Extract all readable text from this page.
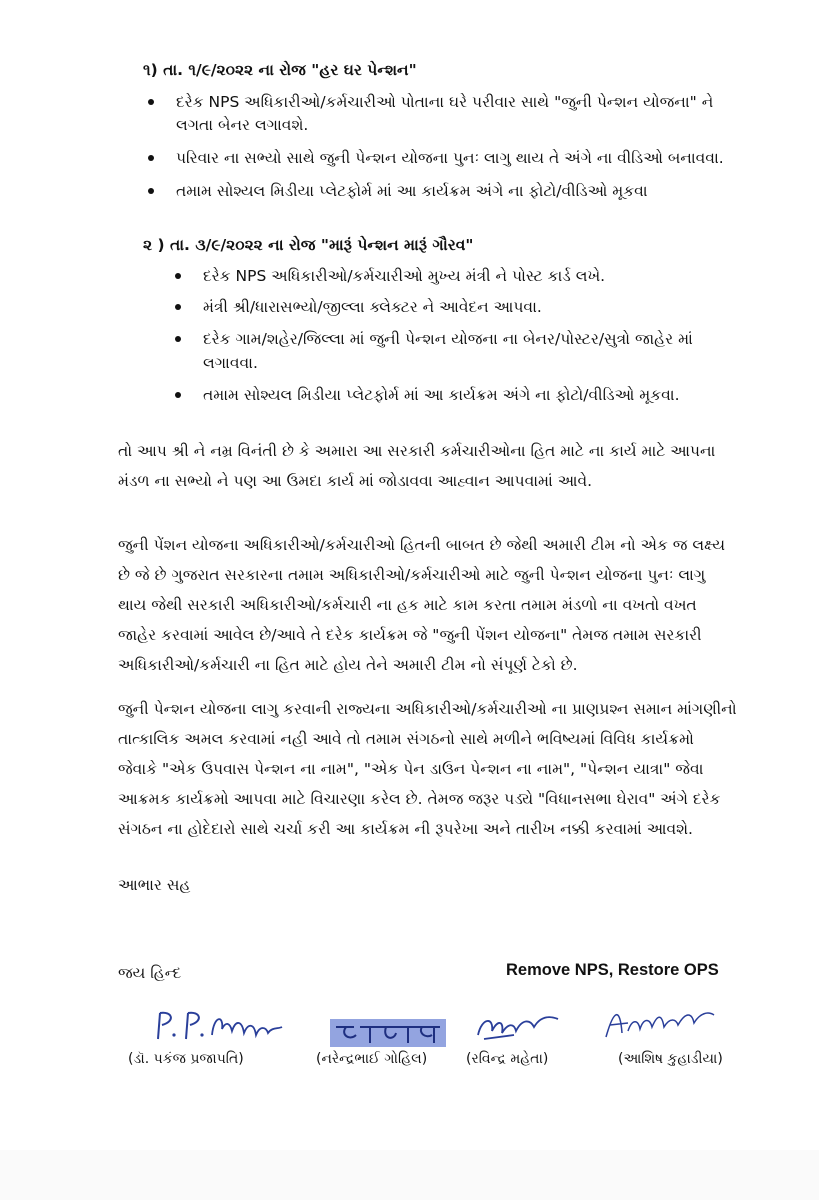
૧) તા. ૧/૯/૨૦૨૨ ના રોજ "હર ઘર પેન્શન"
દરેક NPS અધિકારીઓ/કર્મચારીઓ પોતાના ઘરે પરીવાર સાથે "જુની પેન્શન યોજના" ને
લગતા બેનર લગાવશે.
પરિવાર ના સભ્યો સાથે જુની પેન્શન યોજના પુનઃ લાગુ થાય તે અંગે ના વીડિઓ બનાવવા.
તમામ સોશ્યલ મિડીયા પ્લેટફોર્મ માં આ કાર્યક્રમ અંગે ના ફોટો/વીડિઓ મૂકવા
૨ ) તા. ૩/૯/૨૦૨૨ ના રોજ "મારૂં પેન્શન મારૂં ગૌરવ"
દરેક NPS અધિકારીઓ/કર્મચારીઓ મુખ્ય મંત્રી ને પોસ્ટ કાર્ડ લખે.
મંત્રી શ્રી/ધારાસભ્યો/જીલ્લા ક્લેક્ટર ને આવેદન આપવા.
દરેક ગામ/શહેર/જિલ્લા માં જુની પેન્શન યોજના ના બેનર/પોસ્ટર/સુત્રો જાહેર માં
લગાવવા.
તમામ સોશ્યલ મિડીયા પ્લેટફોર્મ માં આ કાર્યક્રમ અંગે ના ફોટો/વીડિઓ મૂકવા.
તો આપ શ્રી ને નમ્ર વિનંતી છે કે અમારા આ સરકારી કર્મચારીઓના હિત માટે ના કાર્ય માટે આપના
મંડળ ના સભ્યો ને પણ આ ઉમદા કાર્ય માં જોડાવવા આહ્વાન આપવામાં આવે.
જુની પેંશન યોજના અધિકારીઓ/કર્મચારીઓ હિતની બાબત છે જેથી અમારી ટીમ નો એક જ લક્ષ્ય
છે જે છે ગુજરાત સરકારના તમામ અધિકારીઓ/કર્મચારીઓ માટે જુની પેન્શન યોજના પુનઃ લાગુ
થાય જેથી સરકારી અધિકારીઓ/કર્મચારી ના હક માટે કામ કરતા તમામ મંડળો ના વખતો વખત
જાહેર કરવામાં આવેલ છે/આવે તે દરેક કાર્યક્રમ જે "જુની પેંશન યોજના" તેમજ તમામ સરકારી
અધિકારીઓ/કર્મચારી ના હિત માટે હોય તેને અમારી ટીમ નો સંપૂર્ણ ટેકો છે.
જુની પેન્શન યોજના લાગુ કરવાની રાજ્યના અધિકારીઓ/કર્મચારીઓ ના પ્રાણપ્રશ્ન સમાન માંગણીનો
તાત્કાલિક અમલ કરવામાં નહી આવે તો તમામ સંગઠનો સાથે મળીને ભવિષ્યમાં વિવિધ કાર્યક્રમો
જેવાકે "એક ઉપવાસ પેન્શન ના નામ", "એક પેન ડાઉન પેન્શન ના નામ", "પેન્શન યાત્રા" જેવા
આક્રમક કાર્યક્રમો આપવા માટે વિચારણા કરેલ છે. તેમજ જરૂર પડ્યે "વિધાનસભા ઘેરાવ" અંગે દરેક
સંગઠન ના હોદેદારો સાથે ચર્ચા કરી આ કાર્યક્રમ ની રૂપરેખા અને તારીખ નક્કી કરવામાં આવશે.
આભાર સહ
જય હિન્દ	Remove NPS, Restore OPS
(ડૉ. પકંજ પ્રજાપતિ)	(નરેન્દ્રભાઈ ગોહિલ)	(રવિન્દ્ર મહેતા)	(આશિષ કુહાડીયા)
